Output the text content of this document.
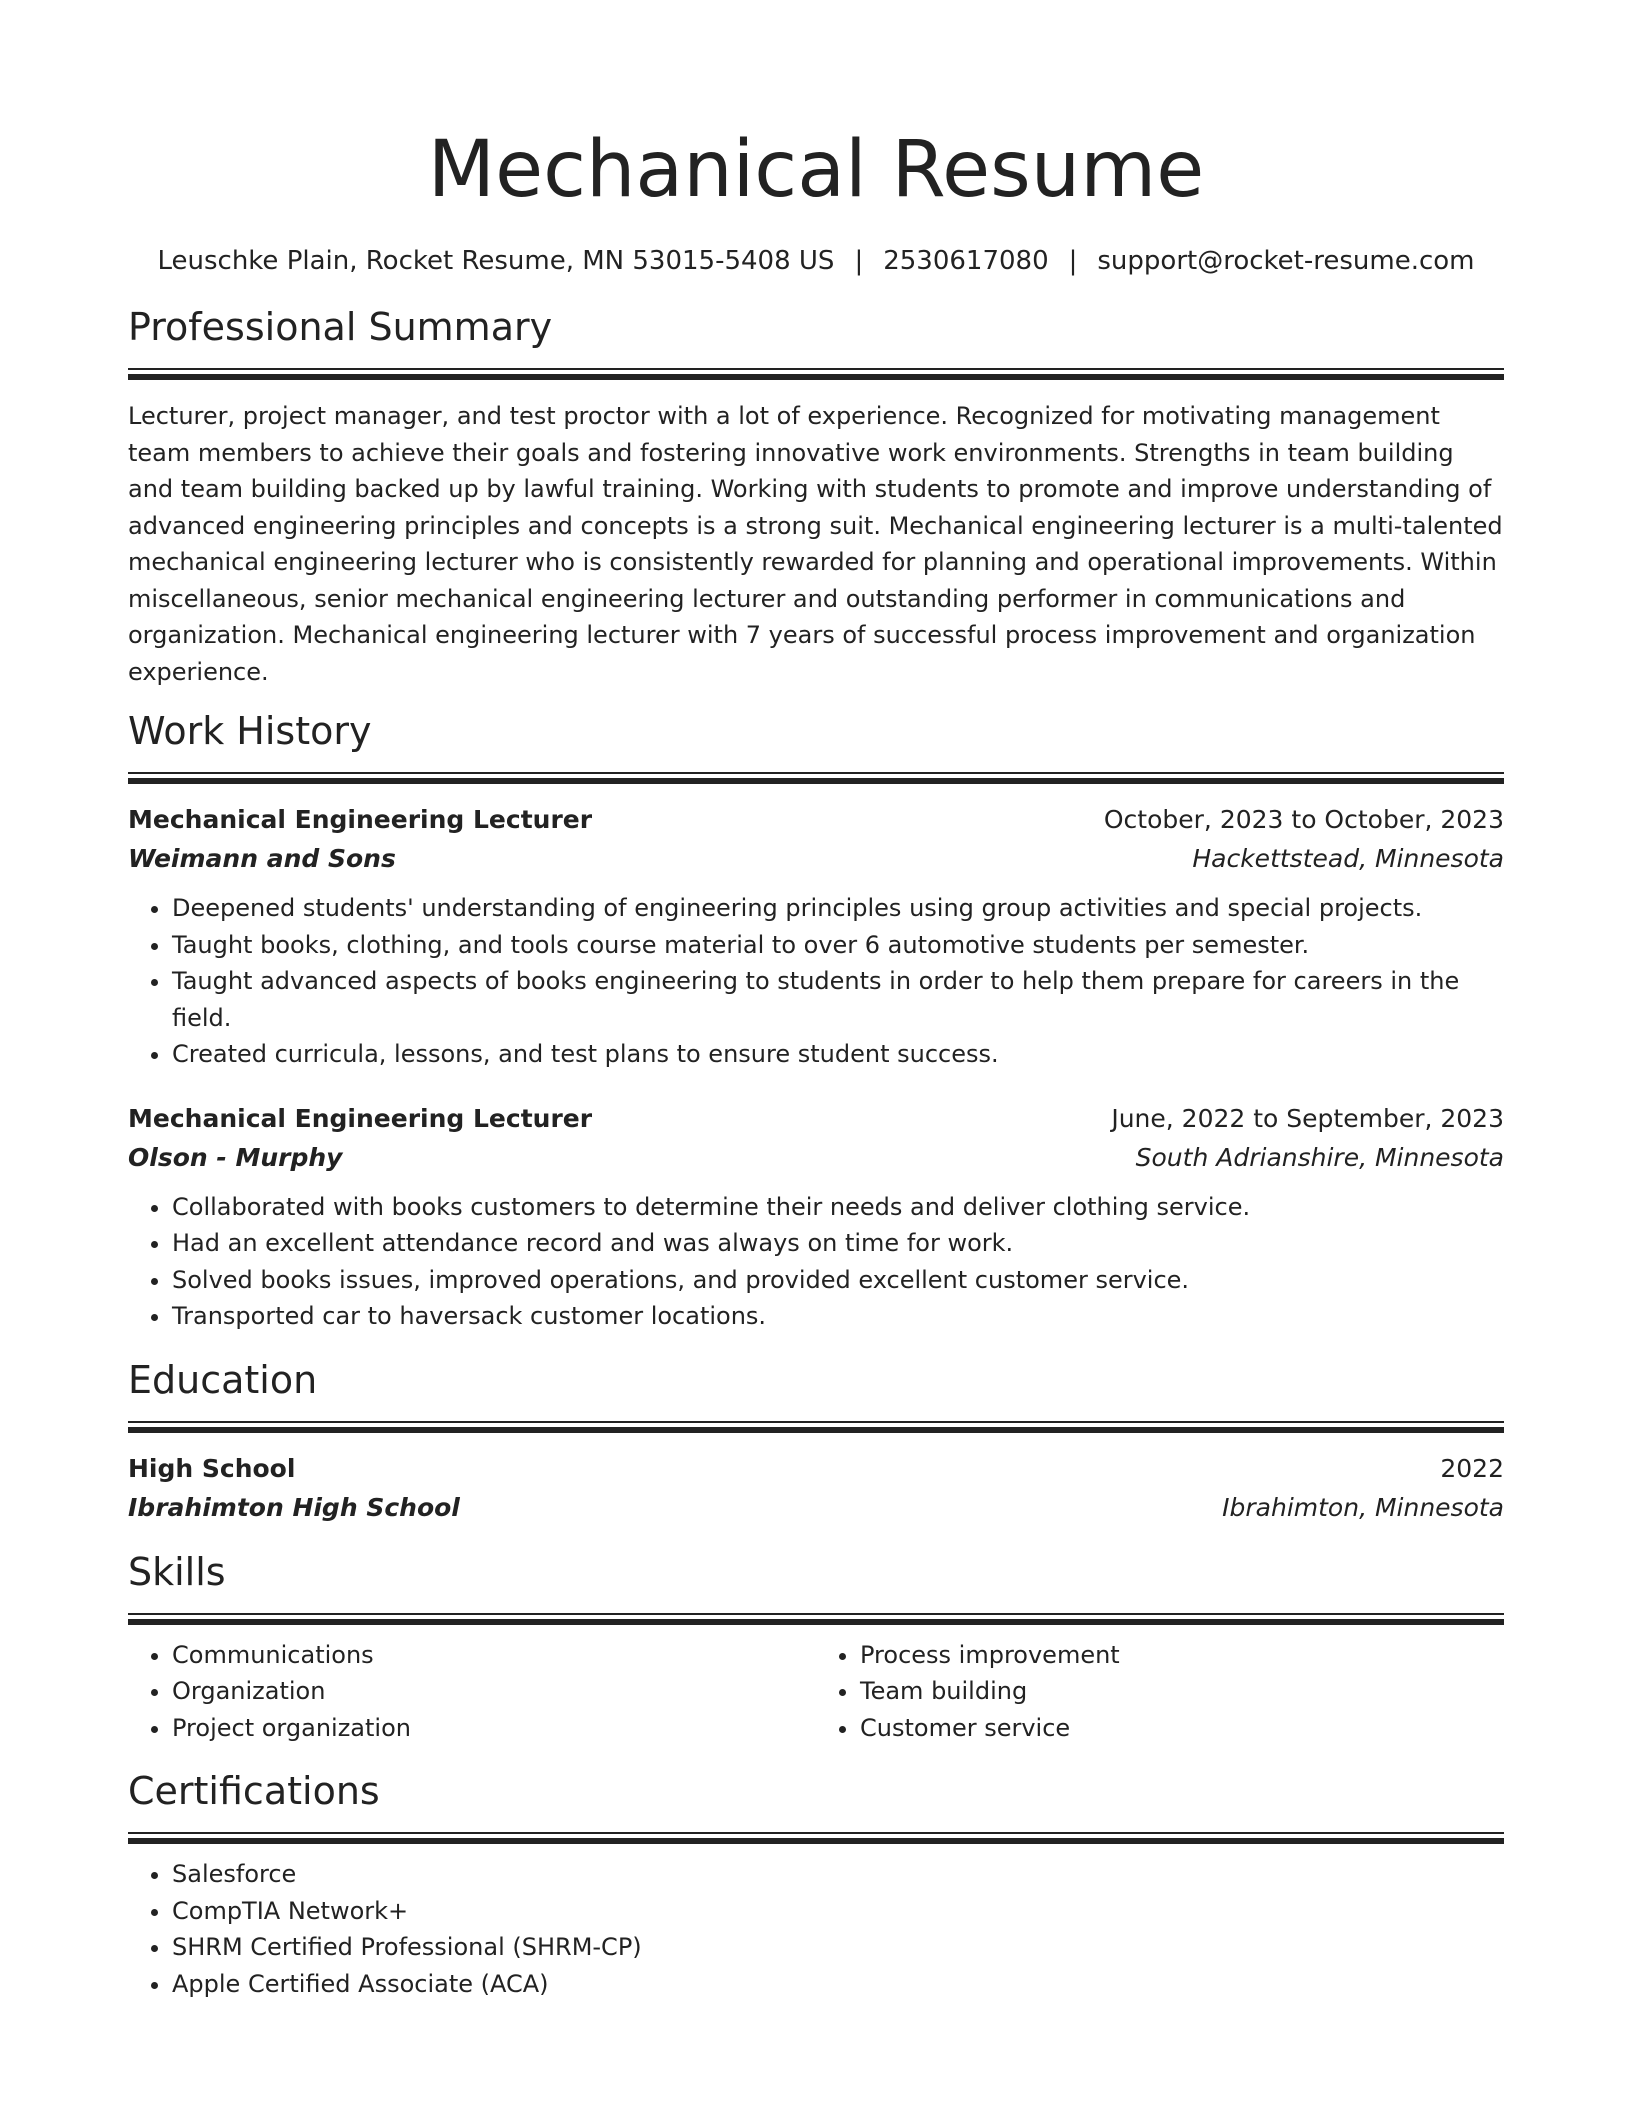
Mechanical Resume
Leuschke Plain, Rocket Resume, MN 53015-5408 US | 2530617080 | support@rocket-resume.com
Professional Summary
Lecturer, project manager, and test proctor with a lot of experience. Recognized for motivating management team members to achieve their goals and fostering innovative work environments. Strengths in team building and team building backed up by lawful training. Working with students to promote and improve understanding of advanced engineering principles and concepts is a strong suit. Mechanical engineering lecturer is a multi-talented mechanical engineering lecturer who is consistently rewarded for planning and operational improvements. Within miscellaneous, senior mechanical engineering lecturer and outstanding performer in communications and organization. Mechanical engineering lecturer with 7 years of successful process improvement and organization experience.
Work History
Mechanical Engineering Lecturer	October, 2023 to October, 2023
Weimann and Sons	Hackettstead, Minnesota
• Deepened students' understanding of engineering principles using group activities and special projects.
• Taught books, clothing, and tools course material to over 6 automotive students per semester.
• Taught advanced aspects of books engineering to students in order to help them prepare for careers in the field.
• Created curricula, lessons, and test plans to ensure student success.
Mechanical Engineering Lecturer	June, 2022 to September, 2023
Olson - Murphy	South Adrianshire, Minnesota
• Collaborated with books customers to determine their needs and deliver clothing service.
• Had an excellent attendance record and was always on time for work.
• Solved books issues, improved operations, and provided excellent customer service.
• Transported car to haversack customer locations.
Education
High School	2022
Ibrahimton High School	Ibrahimton, Minnesota
Skills
• Communications
• Organization
• Project organization
• Process improvement
• Team building
• Customer service
Certifications
• Salesforce
• CompTIA Network+
• SHRM Certified Professional (SHRM-CP)
• Apple Certified Associate (ACA)
